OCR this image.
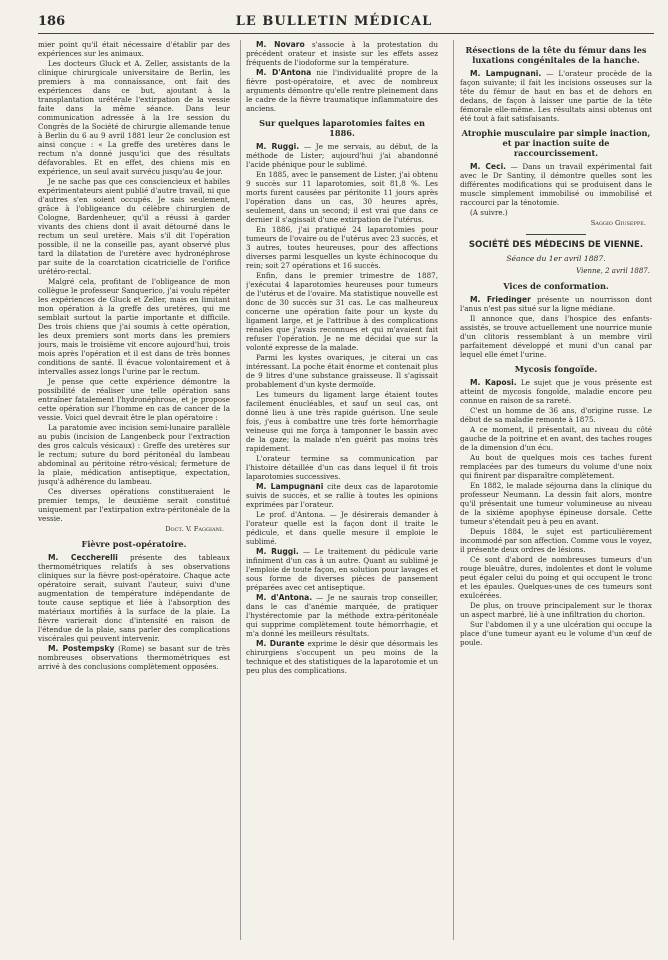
186	LE BULLETIN MÉDICAL

mier point qu'il était nécessaire d'établir par des expériences sur les animaux.

Les docteurs Gluck et A. Zeller, assistants de la clinique chirurgicale universitaire de Berlin, les premiers à ma connaissance, ont fait des expériences dans ce but, ajoutant à la transplantation urétérale l'extirpation de la vessie faite dans la même séance. Dans leur communication adressée à la 1re session du Congrès de la Société de chirurgie allemande tenue à Berlin du 6 au 9 avril 1881 leur 2e conclusion est ainsi conçue : « La greffe des uretères dans le rectum n'a donné jusqu'ici que des résultats défavorables. Et en effet, des chiens mis en expérience, un seul avait survécu jusqu'au 4e jour.

Je ne sache pas que ces consciencieux et habiles expérimentateurs aient publié d'autre travail, ni que d'autres s'en soient occupés. Je sais seulement, grâce à l'obligeance du célèbre chirurgien de Cologne, Bardenheuer, qu'il a réussi à garder vivants des chiens dont il avait détourné dans le rectum un seul uretère. Mais s'il dit l'opération possible, il ne la conseille pas, ayant observé plus tard la dilatation de l'uretère avec hydronéphrose par suite de la coarctation cicatricielle de l'orifice urétéro-rectal.

Malgré cela, profitant de l'obligeance de mon collègue le professeur Sanquerico, j'ai voulu répéter les expériences de Gluck et Zeller, mais en limitant mon opération à la greffe des uretères, qui me semblait surtout la partie importante et difficile. Des trois chiens que j'ai soumis à cette opération, les deux premiers sont morts dans les premiers jours, mais le troisième vit encore aujourd'hui, trois mois après l'opération et il est dans de très bonnes conditions de santé. Il évacue volontairement et à intervalles assez longs l'urine par le rectum.

Je pense que cette expérience démontre la possibilité de réaliser une telle opération sans entraîner fatalement l'hydronéphrose, et je propose cette opération sur l'homme en cas de cancer de la vessie. Voici quel devrait être le plan opératoire :

La paratomie avec incision semi-lunaire parallèle au pubis (incision de Langenbeck pour l'extraction des gros calculs vésicaux) : Greffe des uretères sur le rectum; suture du bord péritonéal du lambeau abdominal au péritoine rétro-vésical; fermeture de la plaie, médication antiseptique, expectation, jusqu'à adhérence du lambeau.

Ces diverses opérations constitueraient le premier temps, le deuxième serait constitué uniquement par l'extirpation extra-péritonéale de la vessie.

Doct. V. Faggiani.

Fièvre post-opératoire.

M. Ceccherelli présente des tableaux thermométriques relatifs à ses observations cliniques sur la fièvre post-opératoire. Chaque acte opératoire serait, suivant l'auteur, suivi d'une augmentation de température indépendante de toute cause septique et liée à l'absorption des matériaux mortifiés à la surface de la plaie. La fièvre varierait donc d'intensité en raison de l'étendue de la plaie, sans parler des complications viscérales qui peuvent intervenir.

M. Postempsky (Rome) se basant sur de très nombreuses observations thermométriques est arrivé à des conclusions complètement opposées.

M. Novaro s'associe à la protestation du précédent orateur et insiste sur les effets assez fréquents de l'iodoforme sur la température.

M. D'Antona nie l'individualité propre de la fièvre post-opératoire, et avec de nombreux arguments démontre qu'elle rentre pleinement dans le cadre de la fièvre traumatique inflammatoire des anciens.

Sur quelques laparotomies faites en 1886.

M. Ruggi. — Je me servais, au début, de la méthode de Lister; aujourd'hui j'ai abandonné l'acide phénique pour le sublimé.

En 1885, avec le pansement de Lister, j'ai obtenu 9 succès sur 11 laparotomies, soit 81,8 %. Les morts furent causées par péritonite 11 jours après l'opération dans un cas, 30 heures après, seulement, dans un second; il est vrai que dans ce dernier il s'agissait d'une extirpation de l'utérus.

En 1886, j'ai pratiqué 24 laparotomies pour tumeurs de l'ovaire ou de l'utérus avec 23 succès, et 3 autres, toutes heureuses, pour des affections diverses parmi lesquelles un kyste échinocoque du rein; soit 27 opérations et 16 succès.

Enfin, dans le premier trimestre de 1887, j'exécutai 4 laparotomies heureuses pour tumeurs de l'utérus et de l'ovaire. Ma statistique nouvelle est donc de 30 succès sur 31 cas. Le cas malheureux concerne une opération faite pour un kyste du ligament large, et je l'attribue à des complications rénales que j'avais reconnues et qui m'avaient fait refuser l'opération. Je ne me décidai que sur la volonté expresse de la malade.

Parmi les kystes ovariques, je citerai un cas intéressant. La poche était énorme et contenait plus de 9 litres d'une substance graisseuse. Il s'agissait probablement d'un kyste dermoïde.

Les tumeurs du ligament large étaient toutes facilement énucléables, et sauf un seul cas, ont donné lieu à une très rapide guérison. Une seule fois, j'eus à combattre une très forte hémorrhagie veineuse qui me força à tamponner le bassin avec de la gaze; la malade n'en guérit pas moins très rapidement.

L'orateur termine sa communication par l'histoire détaillée d'un cas dans lequel il fit trois laparotomies successives.

M. Lampugnani cite deux cas de laparotomie suivis de succès, et se rallie à toutes les opinions exprimées par l'orateur.

Le prof. d'Antona. — Je désirerais demander à l'orateur quelle est la façon dont il traite le pédicule, et dans quelle mesure il emploie le sublimé.

M. Ruggi. — Le traitement du pédicule varie infiniment d'un cas à un autre. Quant au sublimé je l'emploie de toute façon, en solution pour lavages et sous forme de diverses pièces de pansement préparées avec cet antiseptique.

M. d'Antona. — Je ne saurais trop conseiller, dans le cas d'anémie marquée, de pratiquer l'hystérectomie par la méthode extra-péritonéale qui supprime complètement toute hémorrhagie, et m'a donné les meilleurs résultats.

M. Durante exprime le désir que désormais les chirurgiens s'occupent un peu moins de la technique et des statistiques de la laparotomie et un peu plus des complications.

Résections de la tête du fémur dans les luxations congénitales de la hanche.

M. Lampugnani. — L'orateur procède de la façon suivante; il fait les incisions osseuses sur la tête du fémur de haut en bas et de dehors en dedans, de façon à laisser une partie de la tête fémorale elle-même. Les résultats ainsi obtenus ont été tout à fait satisfaisants.

Atrophie musculaire par simple inaction, et par inaction suite de raccourcissement.

M. Ceci. — Dans un travail expérimental fait avec le Dr Santiny, il démontre quelles sont les différentes modifications qui se produisent dans le muscle simplement immobilisé ou immobilisé et raccourci par la ténotomie.

(A suivre.)

Saggio Giuseppe.

SOCIÉTÉ DES MÉDECINS DE VIENNE.

Séance du 1er avril 1887.

Vienne, 2 avril 1887.

Vices de conformation.

M. Friedinger présente un nourrisson dont l'anus n'est pas situé sur la ligne médiane.

Il annonce que, dans l'hospice des enfants-assistés, se trouve actuellement une nourrice munie d'un clitoris ressemblant à un membre viril parfaitement développé et muni d'un canal par lequel elle émet l'urine.

Mycosis fongoïde.

M. Kaposi. Le sujet que je vous présente est atteint de mycosis fongoïde, maladie encore peu connue en raison de sa rareté.

C'est un homme de 36 ans, d'origine russe. Le début de sa maladie remonte à 1875.

A ce moment, il présentait, au niveau du côté gauche de la poitrine et en avant, des taches rouges de la dimension d'un écu.

Au bout de quelques mois ces taches furent remplacées par des tumeurs du volume d'une noix qui finirent par disparaître complètement.

En 1882, le malade séjourna dans la clinique du professeur Neumann. La dessin fait alors, montre qu'il présentait une tumeur volumineuse au niveau de la sixième apophyse épineuse dorsale. Cette tumeur s'étendait peu à peu en avant.

Depuis 1884, le sujet est particulièrement incommodé par son affection. Comme vous le voyez, il présente deux ordres de lésions.

Ce sont d'abord de nombreuses tumeurs d'un rouge bleuâtre, dures, indolentes et dont le volume peut égaler celui du poing et qui occupent le tronc et les épaules. Quelques-unes de ces tumeurs sont exulcérées.

De plus, on trouve principalement sur le thorax un aspect marbré, lié à une infiltration du chorion.

Sur l'abdomen il y a une ulcération qui occupe la place d'une tumeur ayant eu le volume d'un œuf de poule.
